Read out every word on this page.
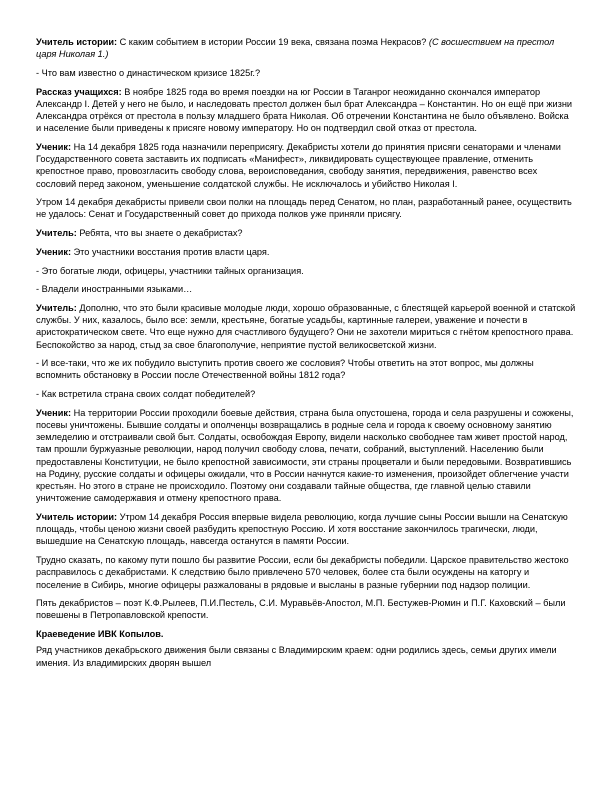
Учитель истории: С каким событием в истории России 19 века, связана поэма Некрасов? (С восшествием на престол царя Николая 1.)

- Что вам известно о династическом кризисе 1825г.?

Рассказ учащихся: В ноябре 1825 года во время поездки на юг России в Таганрог неожиданно скончался император Александр I. Детей у него не было, и наследовать престол должен был брат Александра – Константин. Но он ещё при жизни Александра отрёкся от престола в пользу младшего брата Николая. Об отречении Константина не было объявлено. Войска и население были приведены к присяге новому императору. Но он подтвердил свой отказ от престола.

Ученик: На 14 декабря 1825 года назначили переприсягу. Декабристы хотели до принятия присяги сенаторами и членами Государственного совета заставить их подписать «Манифест», ликвидировать существующее правление, отменить крепостное право, провозгласить свободу слова, вероисповедания, свободу занятия, передвижения, равенство всех сословий перед законом, уменьшение солдатской службы. Не исключалось и убийство Николая I.

Утром 14 декабря декабристы привели свои полки на площадь перед Сенатом, но план, разработанный ранее, осуществить не удалось: Сенат и Государственный совет до прихода полков уже приняли присягу.

Учитель: Ребята, что вы знаете о декабристах?

Ученик: Это участники восстания против власти царя.

- Это богатые люди, офицеры, участники тайных организация.

- Владели иностранными языками…

Учитель: Дополню, что это были красивые молодые люди, хорошо образованные, с блестящей карьерой военной и статской службы. У них, казалось, было все: земли, крестьяне, богатые усадьбы, картинные галереи, уважение и почести в аристократическом свете. Что еще нужно для счастливого будущего? Они не захотели мириться с гнётом крепостного права. Беспокойство за народ, стыд за свое благополучие, неприятие пустой великосветской жизни.

- И все-таки, что же их побудило выступить против своего же сословия? Чтобы ответить на этот вопрос, мы должны вспомнить обстановку в России после Отечественной войны 1812 года?

- Как встретила страна своих солдат победителей?

Ученик: На территории России проходили боевые действия, страна была опустошена, города и села разрушены и сожжены, посевы уничтожены. Бывшие солдаты и ополченцы возвращались в родные села и города к своему основному занятию земледелию и отстраивали свой быт. Солдаты, освобождая Европу, видели насколько свободнее там живет простой народ, там прошли буржуазные революции, народ получил свободу слова, печати, собраний, выступлений. Населению были предоставлены Конституции, не было крепостной зависимости, эти страны процветали и были передовыми. Возвратившись на Родину, русские солдаты и офицеры ожидали, что в России начнутся какие-то изменения, произойдет облегчение участи крестьян. Но этого в стране не происходило. Поэтому они создавали тайные общества, где главной целью ставили уничтожение самодержавия и отмену крепостного права.

Учитель истории: Утром 14 декабря Россия впервые видела революцию, когда лучшие сыны России вышли на Сенатскую площадь, чтобы ценою жизни своей разбудить крепостную Россию. И хотя восстание закончилось трагически, люди, вышедшие на Сенатскую площадь, навсегда останутся в памяти России.

Трудно сказать, по какому пути пошло бы развитие России, если бы декабристы победили. Царское правительство жестоко расправилось с декабристами. К следствию было привлечено 570 человек, более ста были осуждены на каторгу и поселение в Сибирь, многие офицеры разжалованы в рядовые и высланы в разные губернии под надзор полиции.

Пять декабристов – поэт К.Ф.Рылеев, П.И.Пестель, С.И. Муравьёв-Апостол, М.П. Бестужев-Рюмин и П.Г. Каховский – были повешены в Петропавловской крепости.

Краеведение ИВК Копылов.

Ряд участников декабрьского движения были связаны с Владимирским краем: одни родились здесь, семьи других имели имения. Из владимирских дворян вышел
